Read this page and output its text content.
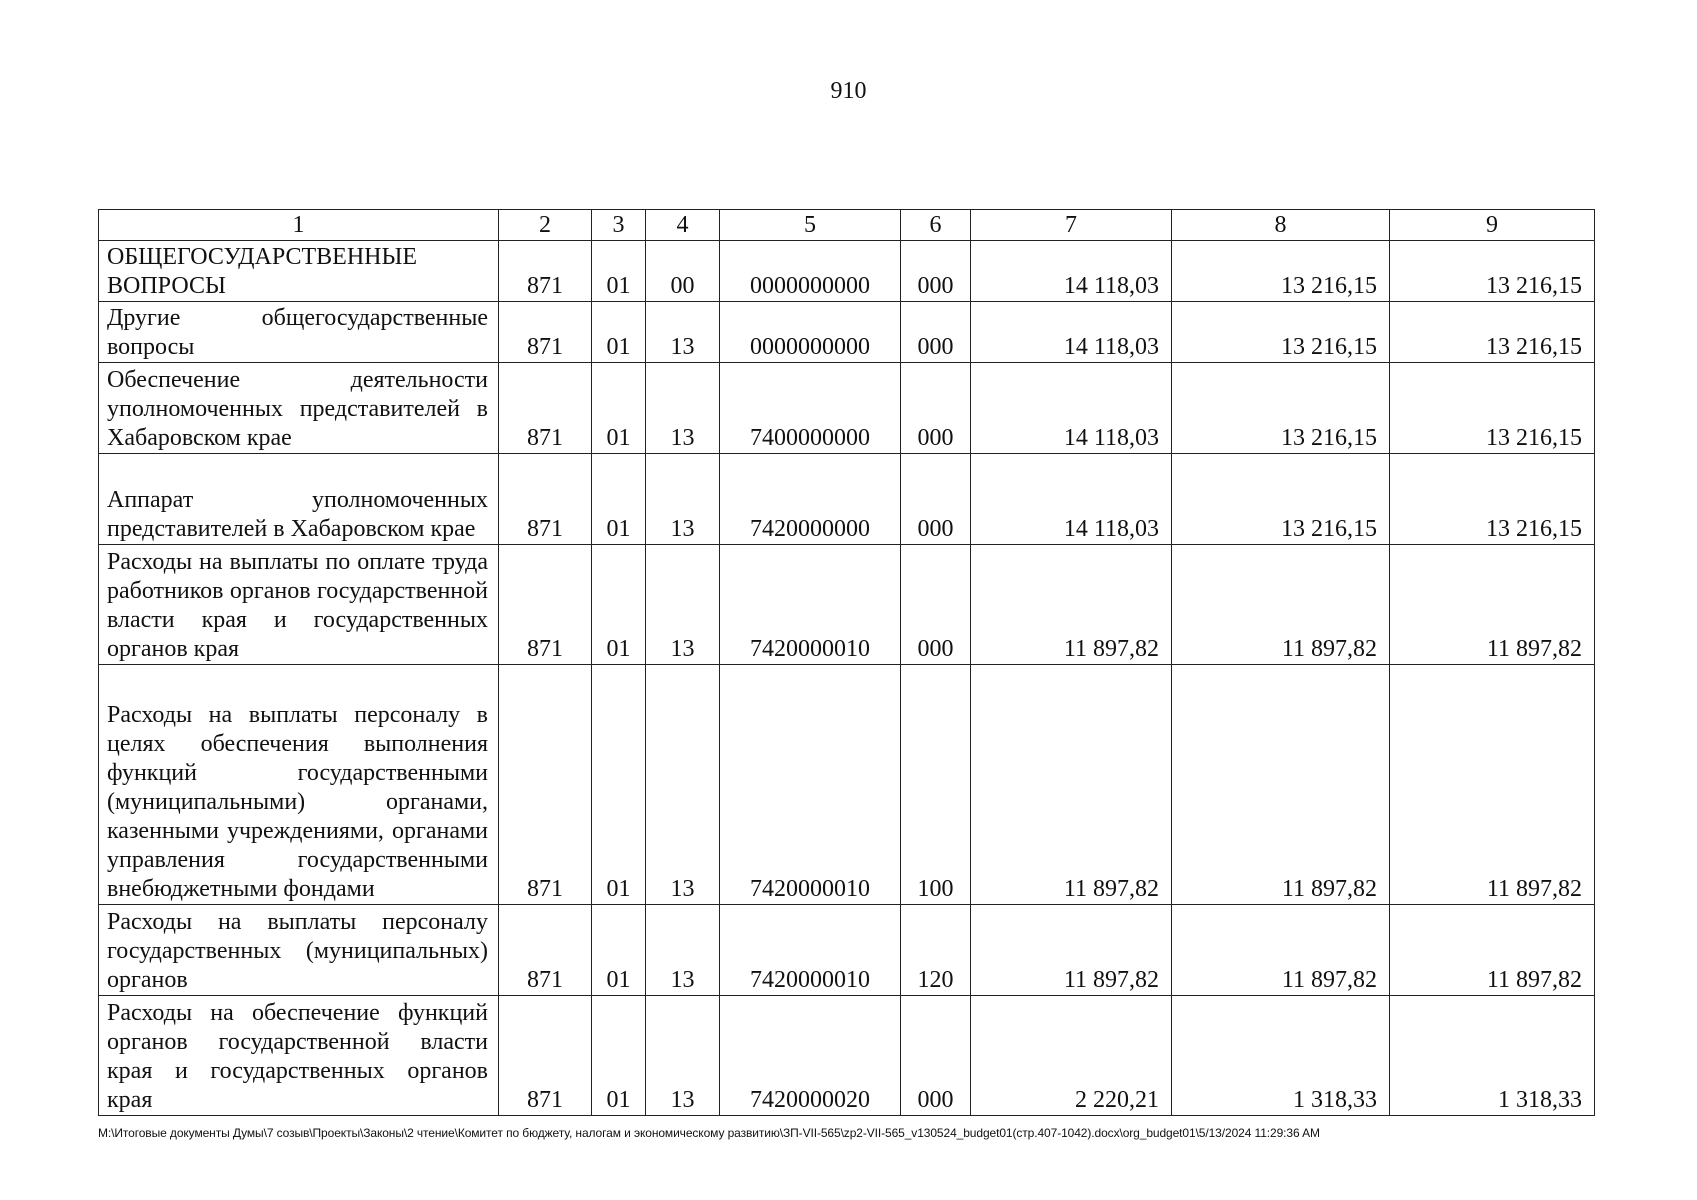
910
1	2	3	4	5	6	7	8	9
ОБЩЕГОСУДАРСТВЕННЫЕ ВОПРОСЫ	871	01	00	0000000000	000	14 118,03	13 216,15	13 216,15
Другие общегосударственные вопросы	871	01	13	0000000000	000	14 118,03	13 216,15	13 216,15
Обеспечение деятельности уполномоченных представителей в Хабаровском крае	871	01	13	7400000000	000	14 118,03	13 216,15	13 216,15
Аппарат уполномоченных представителей в Хабаровском крае	871	01	13	7420000000	000	14 118,03	13 216,15	13 216,15
Расходы на выплаты по оплате труда работников органов государственной власти края и государственных органов края	871	01	13	7420000010	000	11 897,82	11 897,82	11 897,82
Расходы на выплаты персоналу в целях обеспечения выполнения функций государственными (муниципальными) органами, казенными учреждениями, органами управления государственными внебюджетными фондами	871	01	13	7420000010	100	11 897,82	11 897,82	11 897,82
Расходы на выплаты персоналу государственных (муниципальных) органов	871	01	13	7420000010	120	11 897,82	11 897,82	11 897,82
Расходы на обеспечение функций органов государственной власти края и государственных органов края	871	01	13	7420000020	000	2 220,21	1 318,33	1 318,33
M:\Итоговые документы Думы\7 созыв\Проекты\Законы\2 чтение\Комитет по бюджету, налогам и экономическому развитию\ЗП-VII-565\zp2-VII-565_v130524_budget01(стр.407-1042).docx\org_budget01\5/13/2024 11:29:36 AM
